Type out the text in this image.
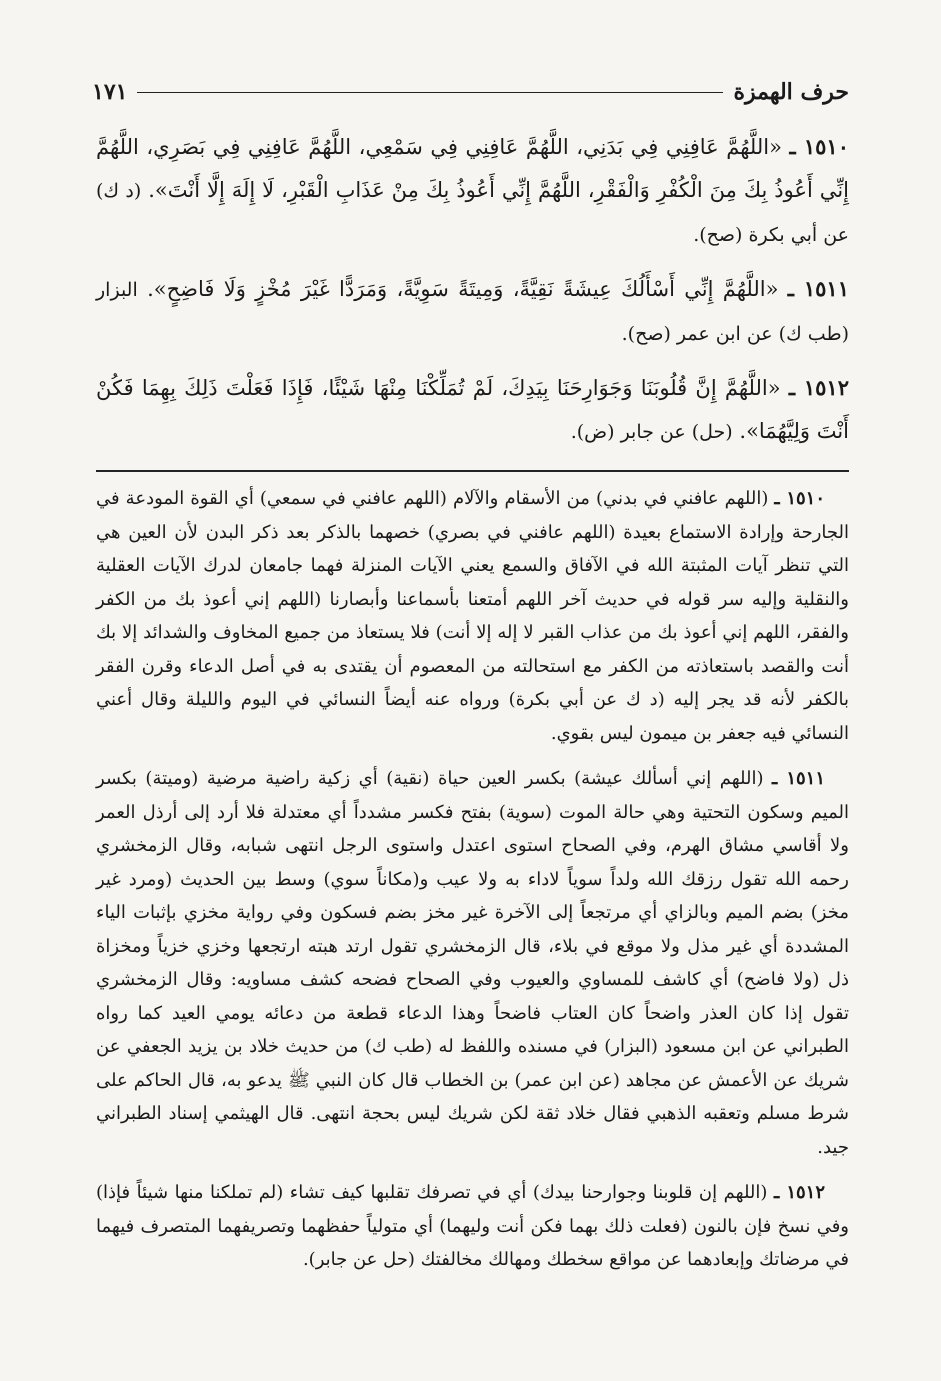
حرف الهمزة
١٧١

١٥١٠ ـ «اللَّهُمَّ عَافِنِي فِي بَدَنِي، اللَّهُمَّ عَافِنِي فِي سَمْعِي، اللَّهُمَّ عَافِنِي فِي بَصَرِي، اللَّهُمَّ إِنِّي أَعُوذُ بِكَ مِنَ الْكُفْرِ وَالْفَقْرِ، اللَّهُمَّ إِنِّي أَعُوذُ بِكَ مِنْ عَذَابِ الْقَبْرِ، لَا إِلَهَ إِلَّا أَنْتَ». (د ك) عن أبي بكرة (صح).

١٥١١ ـ «اللَّهُمَّ إِنِّي أَسْأَلُكَ عِيشَةً نَقِيَّةً، وَمِيتَةً سَوِيَّةً، وَمَرَدًّا غَيْرَ مُخْزٍ وَلَا فَاضِحٍ». البزار (طب ك) عن ابن عمر (صح).

١٥١٢ ـ «اللَّهُمَّ إِنَّ قُلُوبَنَا وَجَوَارِحَنَا بِيَدِكَ، لَمْ تُمَلِّكْنَا مِنْهَا شَيْئًا، فَإِذَا فَعَلْتَ ذَلِكَ بِهِمَا فَكُنْ أَنْتَ وَلِيَّهُمَا». (حل) عن جابر (ض).

١٥١٠ ـ (اللهم عافني في بدني) من الأسقام والآلام (اللهم عافني في سمعي) أي القوة المودعة في الجارحة وإرادة الاستماع بعيدة (اللهم عافني في بصري) خصهما بالذكر بعد ذكر البدن لأن العين هي التي تنظر آيات المثبتة الله في الآفاق والسمع يعني الآيات المنزلة فهما جامعان لدرك الآيات العقلية والنقلية وإليه سر قوله في حديث آخر اللهم أمتعنا بأسماعنا وأبصارنا (اللهم إني أعوذ بك من الكفر والفقر، اللهم إني أعوذ بك من عذاب القبر لا إله إلا أنت) فلا يستعاذ من جميع المخاوف والشدائد إلا بك أنت والقصد باستعاذته من الكفر مع استحالته من المعصوم أن يقتدى به في أصل الدعاء وقرن الفقر بالكفر لأنه قد يجر إليه (د ك عن أبي بكرة) ورواه عنه أيضاً النسائي في اليوم والليلة وقال أعني النسائي فيه جعفر بن ميمون ليس بقوي.

١٥١١ ـ (اللهم إني أسألك عيشة) بكسر العين حياة (نقية) أي زكية راضية مرضية (وميتة) بكسر الميم وسكون التحتية وهي حالة الموت (سوية) بفتح فكسر مشدداً أي معتدلة فلا أرد إلى أرذل العمر ولا أقاسي مشاق الهرم، وفي الصحاح استوى اعتدل واستوى الرجل انتهى شبابه، وقال الزمخشري رحمه الله تقول رزقك الله ولداً سوياً لاداء به ولا عيب و(مكاناً سوي) وسط بين الحديث (ومرد غير مخز) بضم الميم وبالزاي أي مرتجعاً إلى الآخرة غير مخز بضم فسكون وفي رواية مخزي بإثبات الياء المشددة أي غير مذل ولا موقع في بلاء، قال الزمخشري تقول ارتد هبته ارتجعها وخزي خزياً ومخزاة ذل (ولا فاضح) أي كاشف للمساوي والعيوب وفي الصحاح فضحه كشف مساويه: وقال الزمخشري تقول إذا كان العذر واضحاً كان العتاب فاضحاً وهذا الدعاء قطعة من دعائه يومي العيد كما رواه الطبراني عن ابن مسعود (البزار) في مسنده واللفظ له (طب ك) من حديث خلاد بن يزيد الجعفي عن شريك عن الأعمش عن مجاهد (عن ابن عمر) بن الخطاب قال كان النبي ﷺ يدعو به، قال الحاكم على شرط مسلم وتعقبه الذهبي فقال خلاد ثقة لكن شريك ليس بحجة انتهى. قال الهيثمي إسناد الطبراني جيد.

١٥١٢ ـ (اللهم إن قلوبنا وجوارحنا بيدك) أي في تصرفك تقلبها كيف تشاء (لم تملكنا منها شيئاً فإذا) وفي نسخ فإن بالنون (فعلت ذلك بهما فكن أنت وليهما) أي متولياً حفظهما وتصريفهما المتصرف فيهما في مرضاتك وإبعادهما عن مواقع سخطك ومهالك مخالفتك (حل عن جابر).
